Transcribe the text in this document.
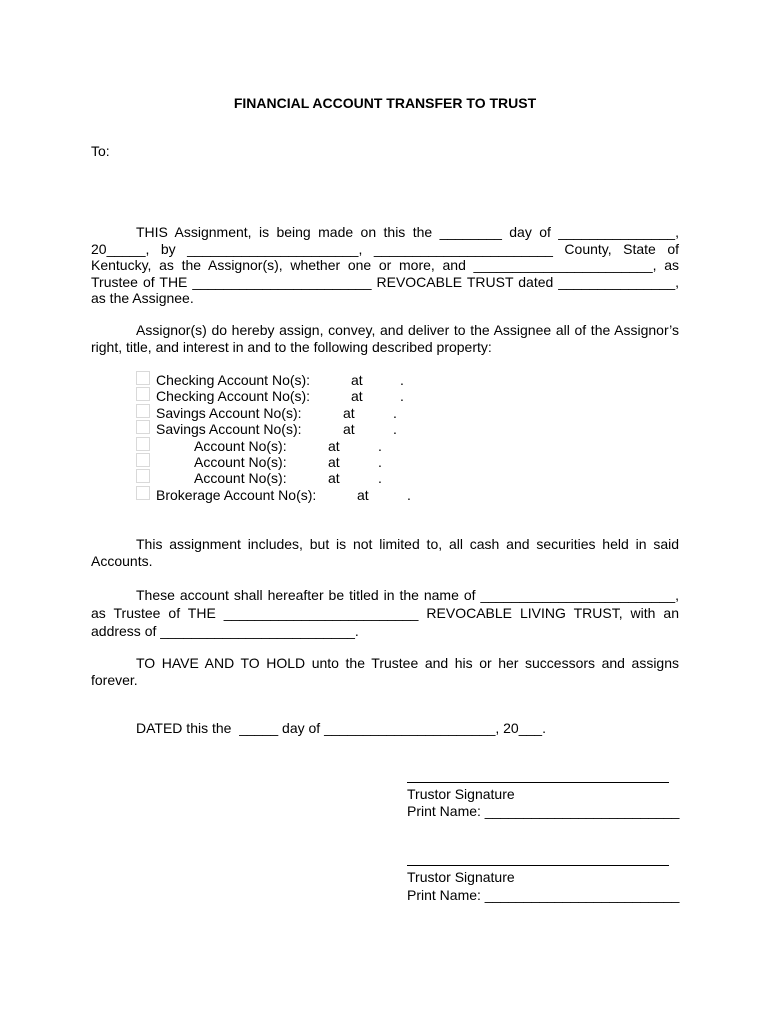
FINANCIAL ACCOUNT TRANSFER TO TRUST
To:
THIS Assignment, is being made on this the ________ day of _______________,
20_____, by ______________________, _______________________ County, State of
Kentucky, as the Assignor(s), whether one or more, and _______________________, as
Trustee of THE _______________________ REVOCABLE TRUST dated _______________,
as the Assignee.
Assignor(s) do hereby assign, convey, and deliver to the Assignee all of the Assignor’s
right, title, and interest in and to the following described property:
Checking Account No(s):	at	.
Checking Account No(s):	at	.
Savings Account No(s):	at	.
Savings Account No(s):	at	.
Account No(s):	at	.
Account No(s):	at	.
Account No(s):	at	.
Brokerage Account No(s):	at	.
This assignment includes, but is not limited to, all cash and securities held in said
Accounts.
These account shall hereafter be titled in the name of _________________________,
as Trustee of THE _________________________ REVOCABLE LIVING TRUST, with an
address of _________________________.
TO HAVE AND TO HOLD unto the Trustee and his or her successors and assigns
forever.
DATED this the  _____ day of ______________________, 20___.
Trustor Signature
Print Name: _________________________
Trustor Signature
Print Name: _________________________
